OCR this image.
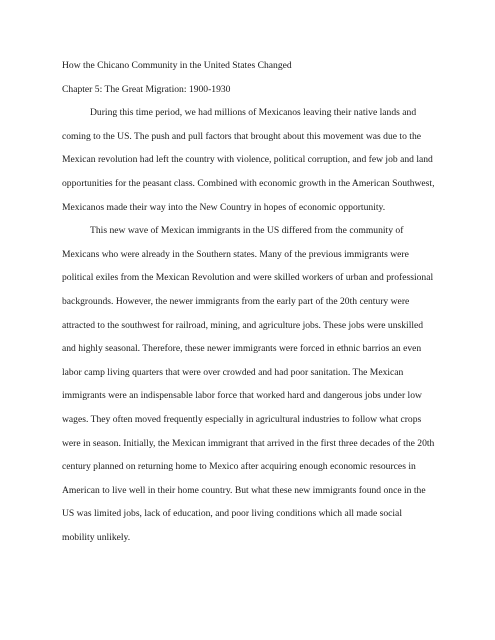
How the Chicano Community in the United States Changed

Chapter 5: The Great Migration: 1900-1930

During this time period, we had millions of Mexicanos leaving their native lands and
coming to the US. The push and pull factors that brought about this movement was due to the
Mexican revolution had left the country with violence, political corruption, and few job and land
opportunities for the peasant class. Combined with economic growth in the American Southwest,
Mexicanos made their way into the New Country in hopes of economic opportunity.

This new wave of Mexican immigrants in the US differed from the community of
Mexicans who were already in the Southern states. Many of the previous immigrants were
political exiles from the Mexican Revolution and were skilled workers of urban and professional
backgrounds. However, the newer immigrants from the early part of the 20th century were
attracted to the southwest for railroad, mining, and agriculture jobs. These jobs were unskilled
and highly seasonal. Therefore, these newer immigrants were forced in ethnic barrios an even
labor camp living quarters that were over crowded and had poor sanitation. The Mexican
immigrants were an indispensable labor force that worked hard and dangerous jobs under low
wages. They often moved frequently especially in agricultural industries to follow what crops
were in season. Initially, the Mexican immigrant that arrived in the first three decades of the 20th
century planned on returning home to Mexico after acquiring enough economic resources in
American to live well in their home country. But what these new immigrants found once in the
US was limited jobs, lack of education, and poor living conditions which all made social
mobility unlikely.
